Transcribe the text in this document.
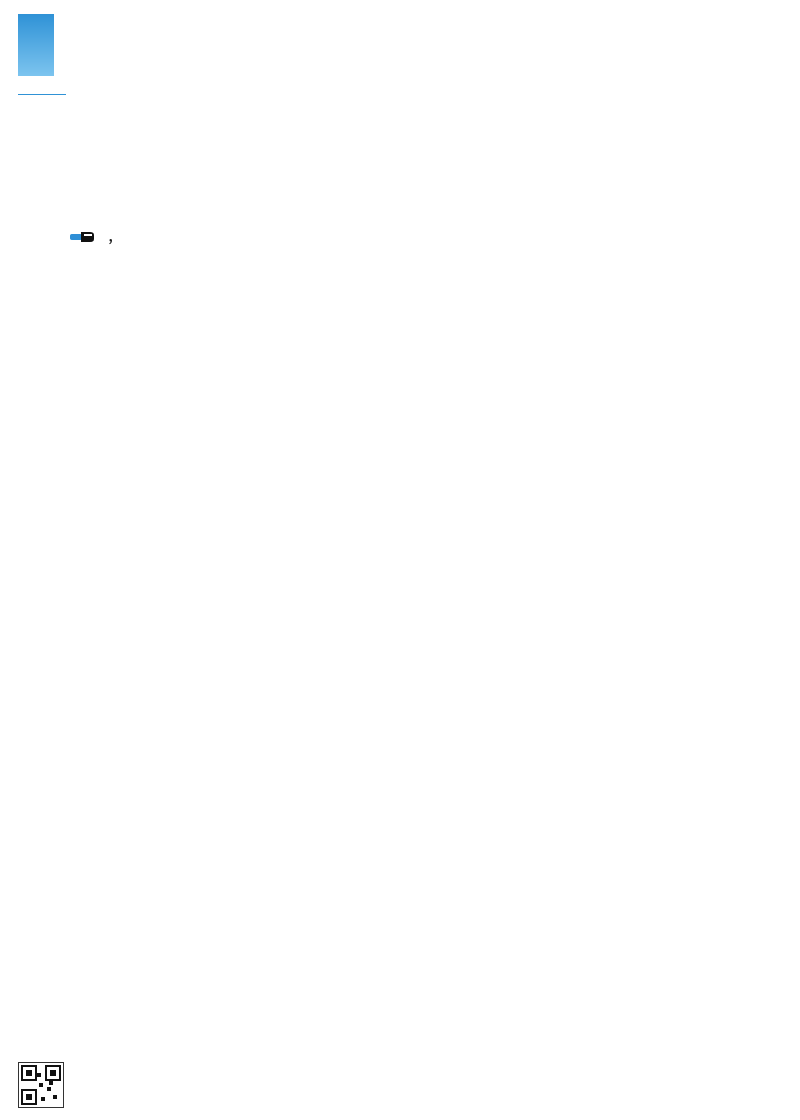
，
